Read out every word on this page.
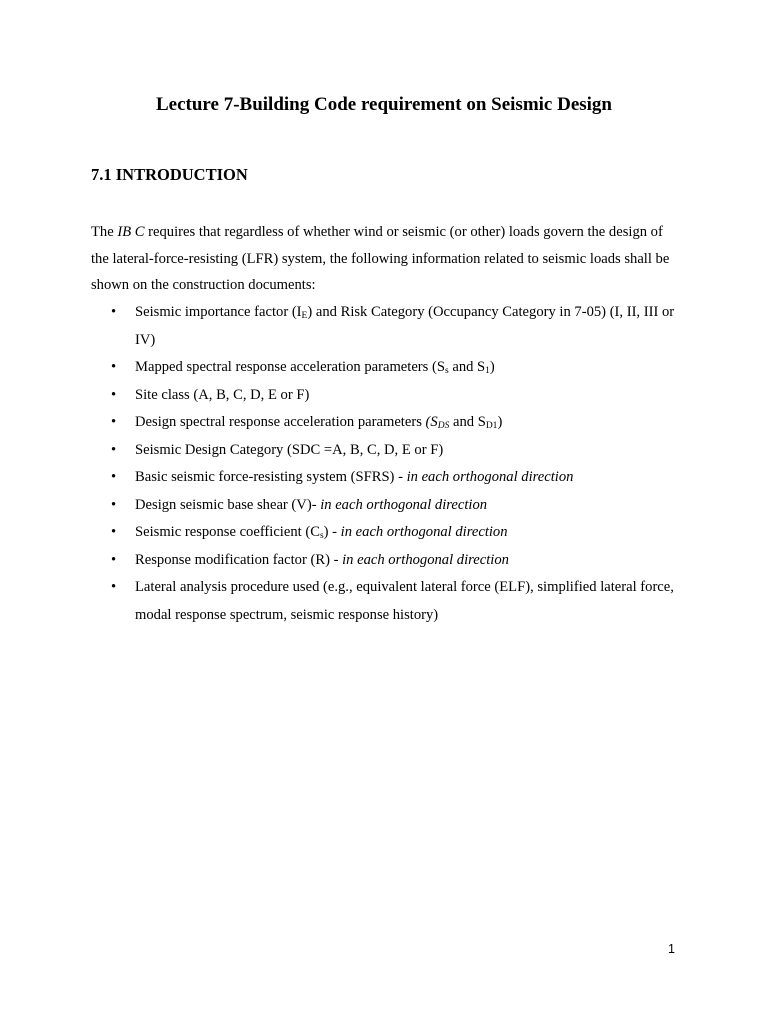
Lecture 7-Building Code requirement on Seismic Design
7.1 INTRODUCTION
The IB C requires that regardless of whether wind or seismic (or other) loads govern the design of the lateral-force-resisting (LFR) system, the following information related to seismic loads shall be shown on the construction documents:
• Seismic importance factor $(I_E)$ and Risk Category (Occupancy Category in 7-05) (I, II, III or IV)
• Mapped spectral response acceleration parameters ($S_s$ and $S_1$)
• Site class (A, B, C, D, E or F)
• Design spectral response acceleration parameters ($S_{DS}$ and $S_{D1}$)
• Seismic Design Category (SDC =A, B, C, D, E or F)
• Basic seismic force-resisting system (SFRS) - in each orthogonal direction
• Design seismic base shear (V)- in each orthogonal direction
• Seismic response coefficient $(C_s)$ - in each orthogonal direction
• Response modification factor (R) - in each orthogonal direction
• Lateral analysis procedure used (e.g., equivalent lateral force (ELF), simplified lateral force, modal response spectrum, seismic response history)
1
